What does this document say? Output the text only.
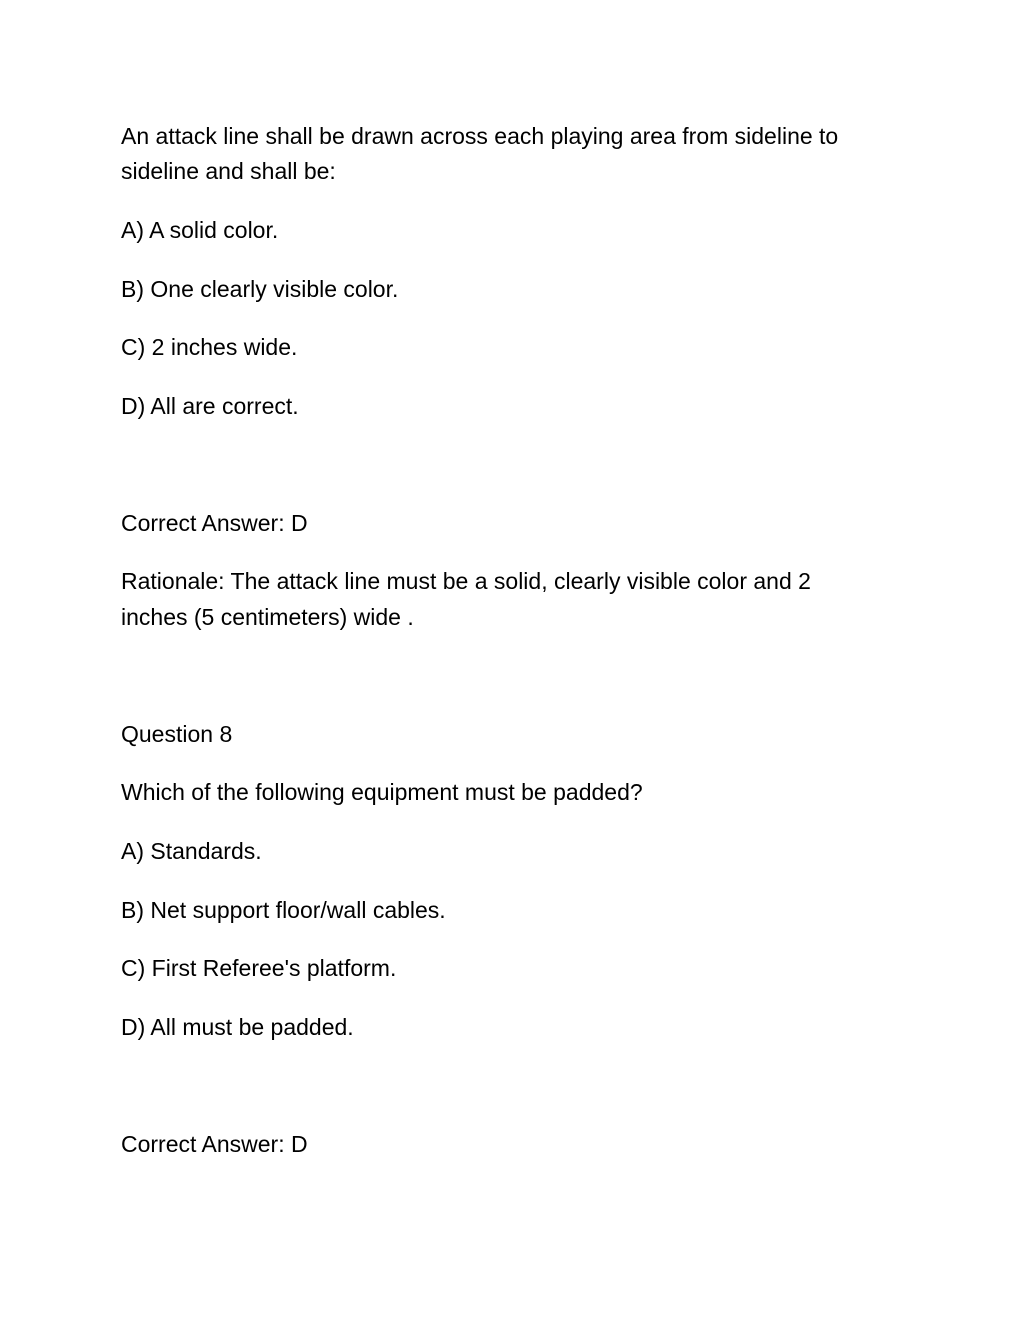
An attack line shall be drawn across each playing area from sideline to

sideline and shall be:

A) A solid color.

B) One clearly visible color.

C) 2 inches wide.

D) All are correct.

Correct Answer: D

Rationale: The attack line must be a solid, clearly visible color and 2

inches (5 centimeters) wide .

Question 8

Which of the following equipment must be padded?

A) Standards.

B) Net support floor/wall cables.

C) First Referee's platform.

D) All must be padded.

Correct Answer: D
